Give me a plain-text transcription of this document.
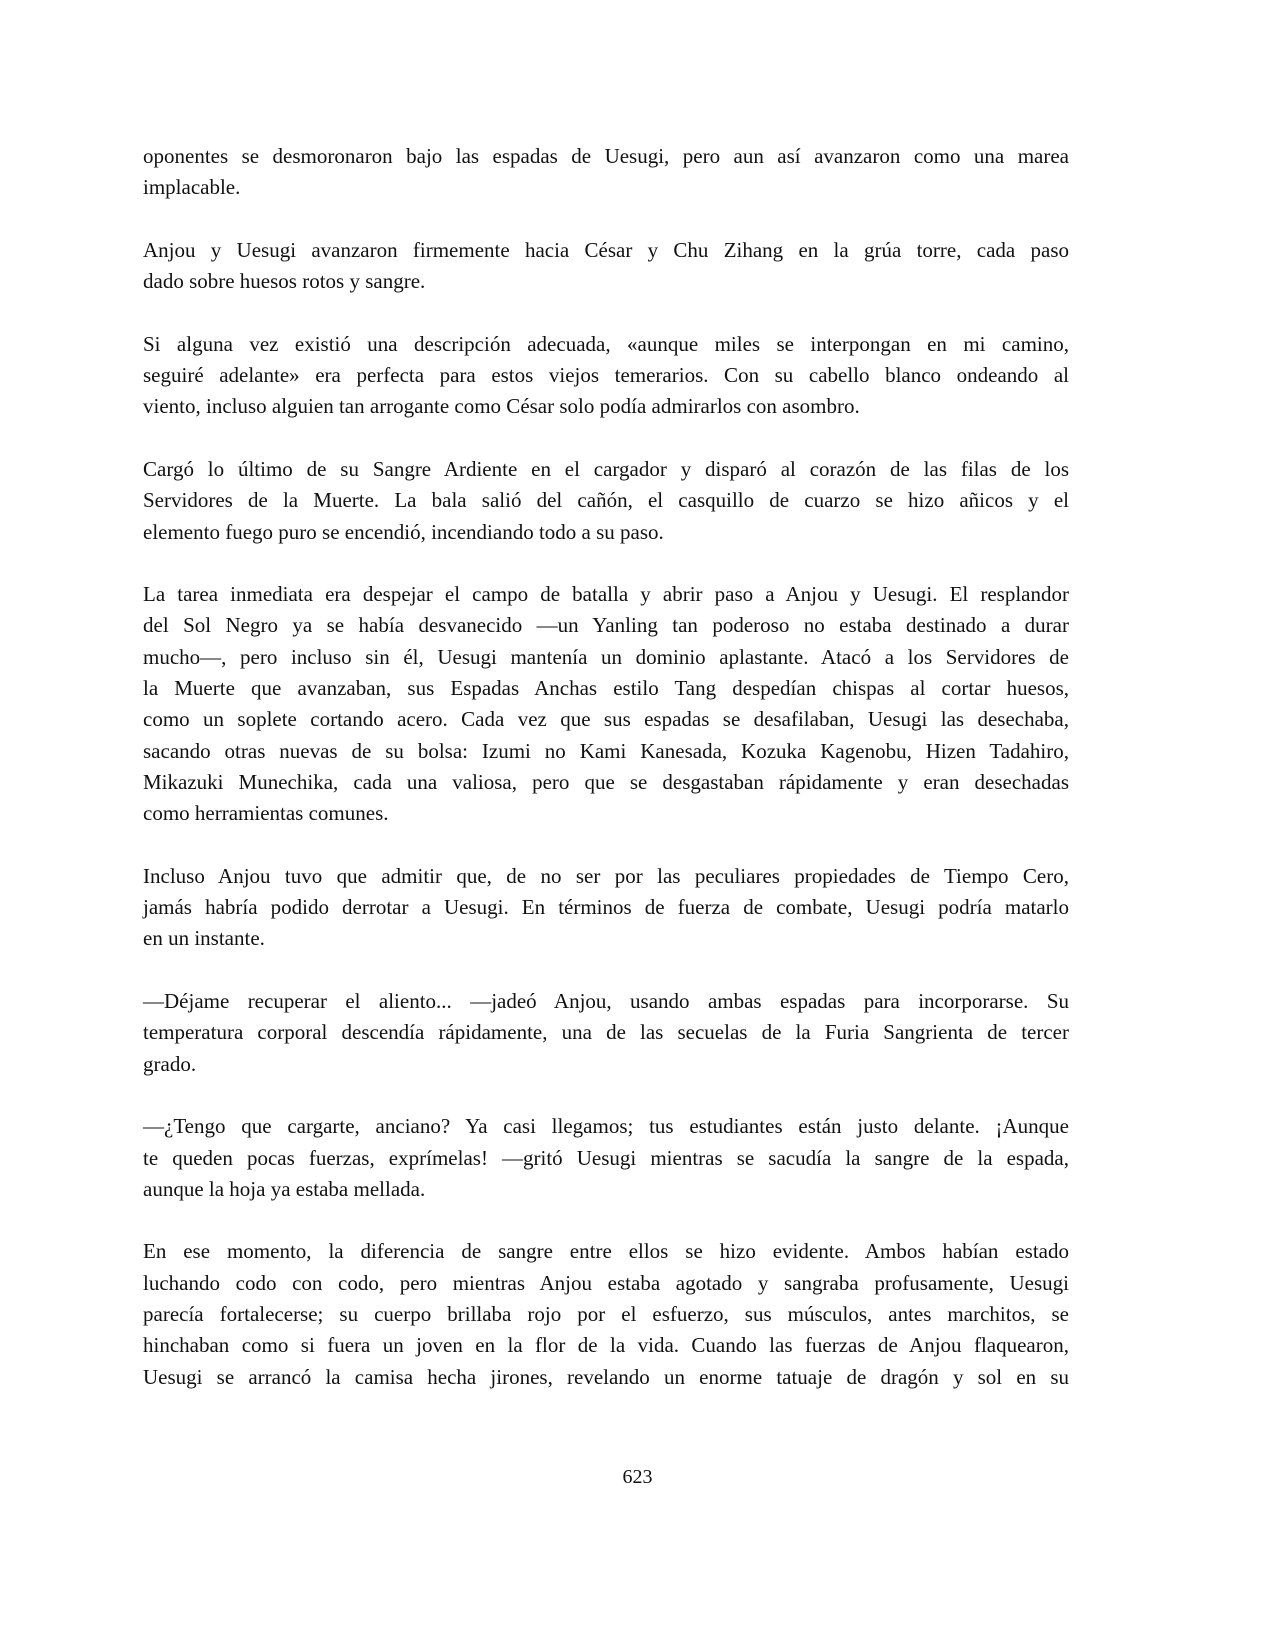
oponentes se desmoronaron bajo las espadas de Uesugi, pero aun así avanzaron como una marea
implacable.
Anjou y Uesugi avanzaron firmemente hacia César y Chu Zihang en la grúa torre, cada paso
dado sobre huesos rotos y sangre.
Si alguna vez existió una descripción adecuada, «aunque miles se interpongan en mi camino,
seguiré adelante» era perfecta para estos viejos temerarios. Con su cabello blanco ondeando al
viento, incluso alguien tan arrogante como César solo podía admirarlos con asombro.
Cargó lo último de su Sangre Ardiente en el cargador y disparó al corazón de las filas de los
Servidores de la Muerte. La bala salió del cañón, el casquillo de cuarzo se hizo añicos y el
elemento fuego puro se encendió, incendiando todo a su paso.
La tarea inmediata era despejar el campo de batalla y abrir paso a Anjou y Uesugi. El resplandor
del Sol Negro ya se había desvanecido —un Yanling tan poderoso no estaba destinado a durar
mucho—, pero incluso sin él, Uesugi mantenía un dominio aplastante. Atacó a los Servidores de
la Muerte que avanzaban, sus Espadas Anchas estilo Tang despedían chispas al cortar huesos,
como un soplete cortando acero. Cada vez que sus espadas se desafilaban, Uesugi las desechaba,
sacando otras nuevas de su bolsa: Izumi no Kami Kanesada, Kozuka Kagenobu, Hizen Tadahiro,
Mikazuki Munechika, cada una valiosa, pero que se desgastaban rápidamente y eran desechadas
como herramientas comunes.
Incluso Anjou tuvo que admitir que, de no ser por las peculiares propiedades de Tiempo Cero,
jamás habría podido derrotar a Uesugi. En términos de fuerza de combate, Uesugi podría matarlo
en un instante.
—Déjame recuperar el aliento... —jadeó Anjou, usando ambas espadas para incorporarse. Su
temperatura corporal descendía rápidamente, una de las secuelas de la Furia Sangrienta de tercer
grado.
—¿Tengo que cargarte, anciano? Ya casi llegamos; tus estudiantes están justo delante. ¡Aunque
te queden pocas fuerzas, exprímelas! —gritó Uesugi mientras se sacudía la sangre de la espada,
aunque la hoja ya estaba mellada.
En ese momento, la diferencia de sangre entre ellos se hizo evidente. Ambos habían estado
luchando codo con codo, pero mientras Anjou estaba agotado y sangraba profusamente, Uesugi
parecía fortalecerse; su cuerpo brillaba rojo por el esfuerzo, sus músculos, antes marchitos, se
hinchaban como si fuera un joven en la flor de la vida. Cuando las fuerzas de Anjou flaquearon,
Uesugi se arrancó la camisa hecha jirones, revelando un enorme tatuaje de dragón y sol en su
623
